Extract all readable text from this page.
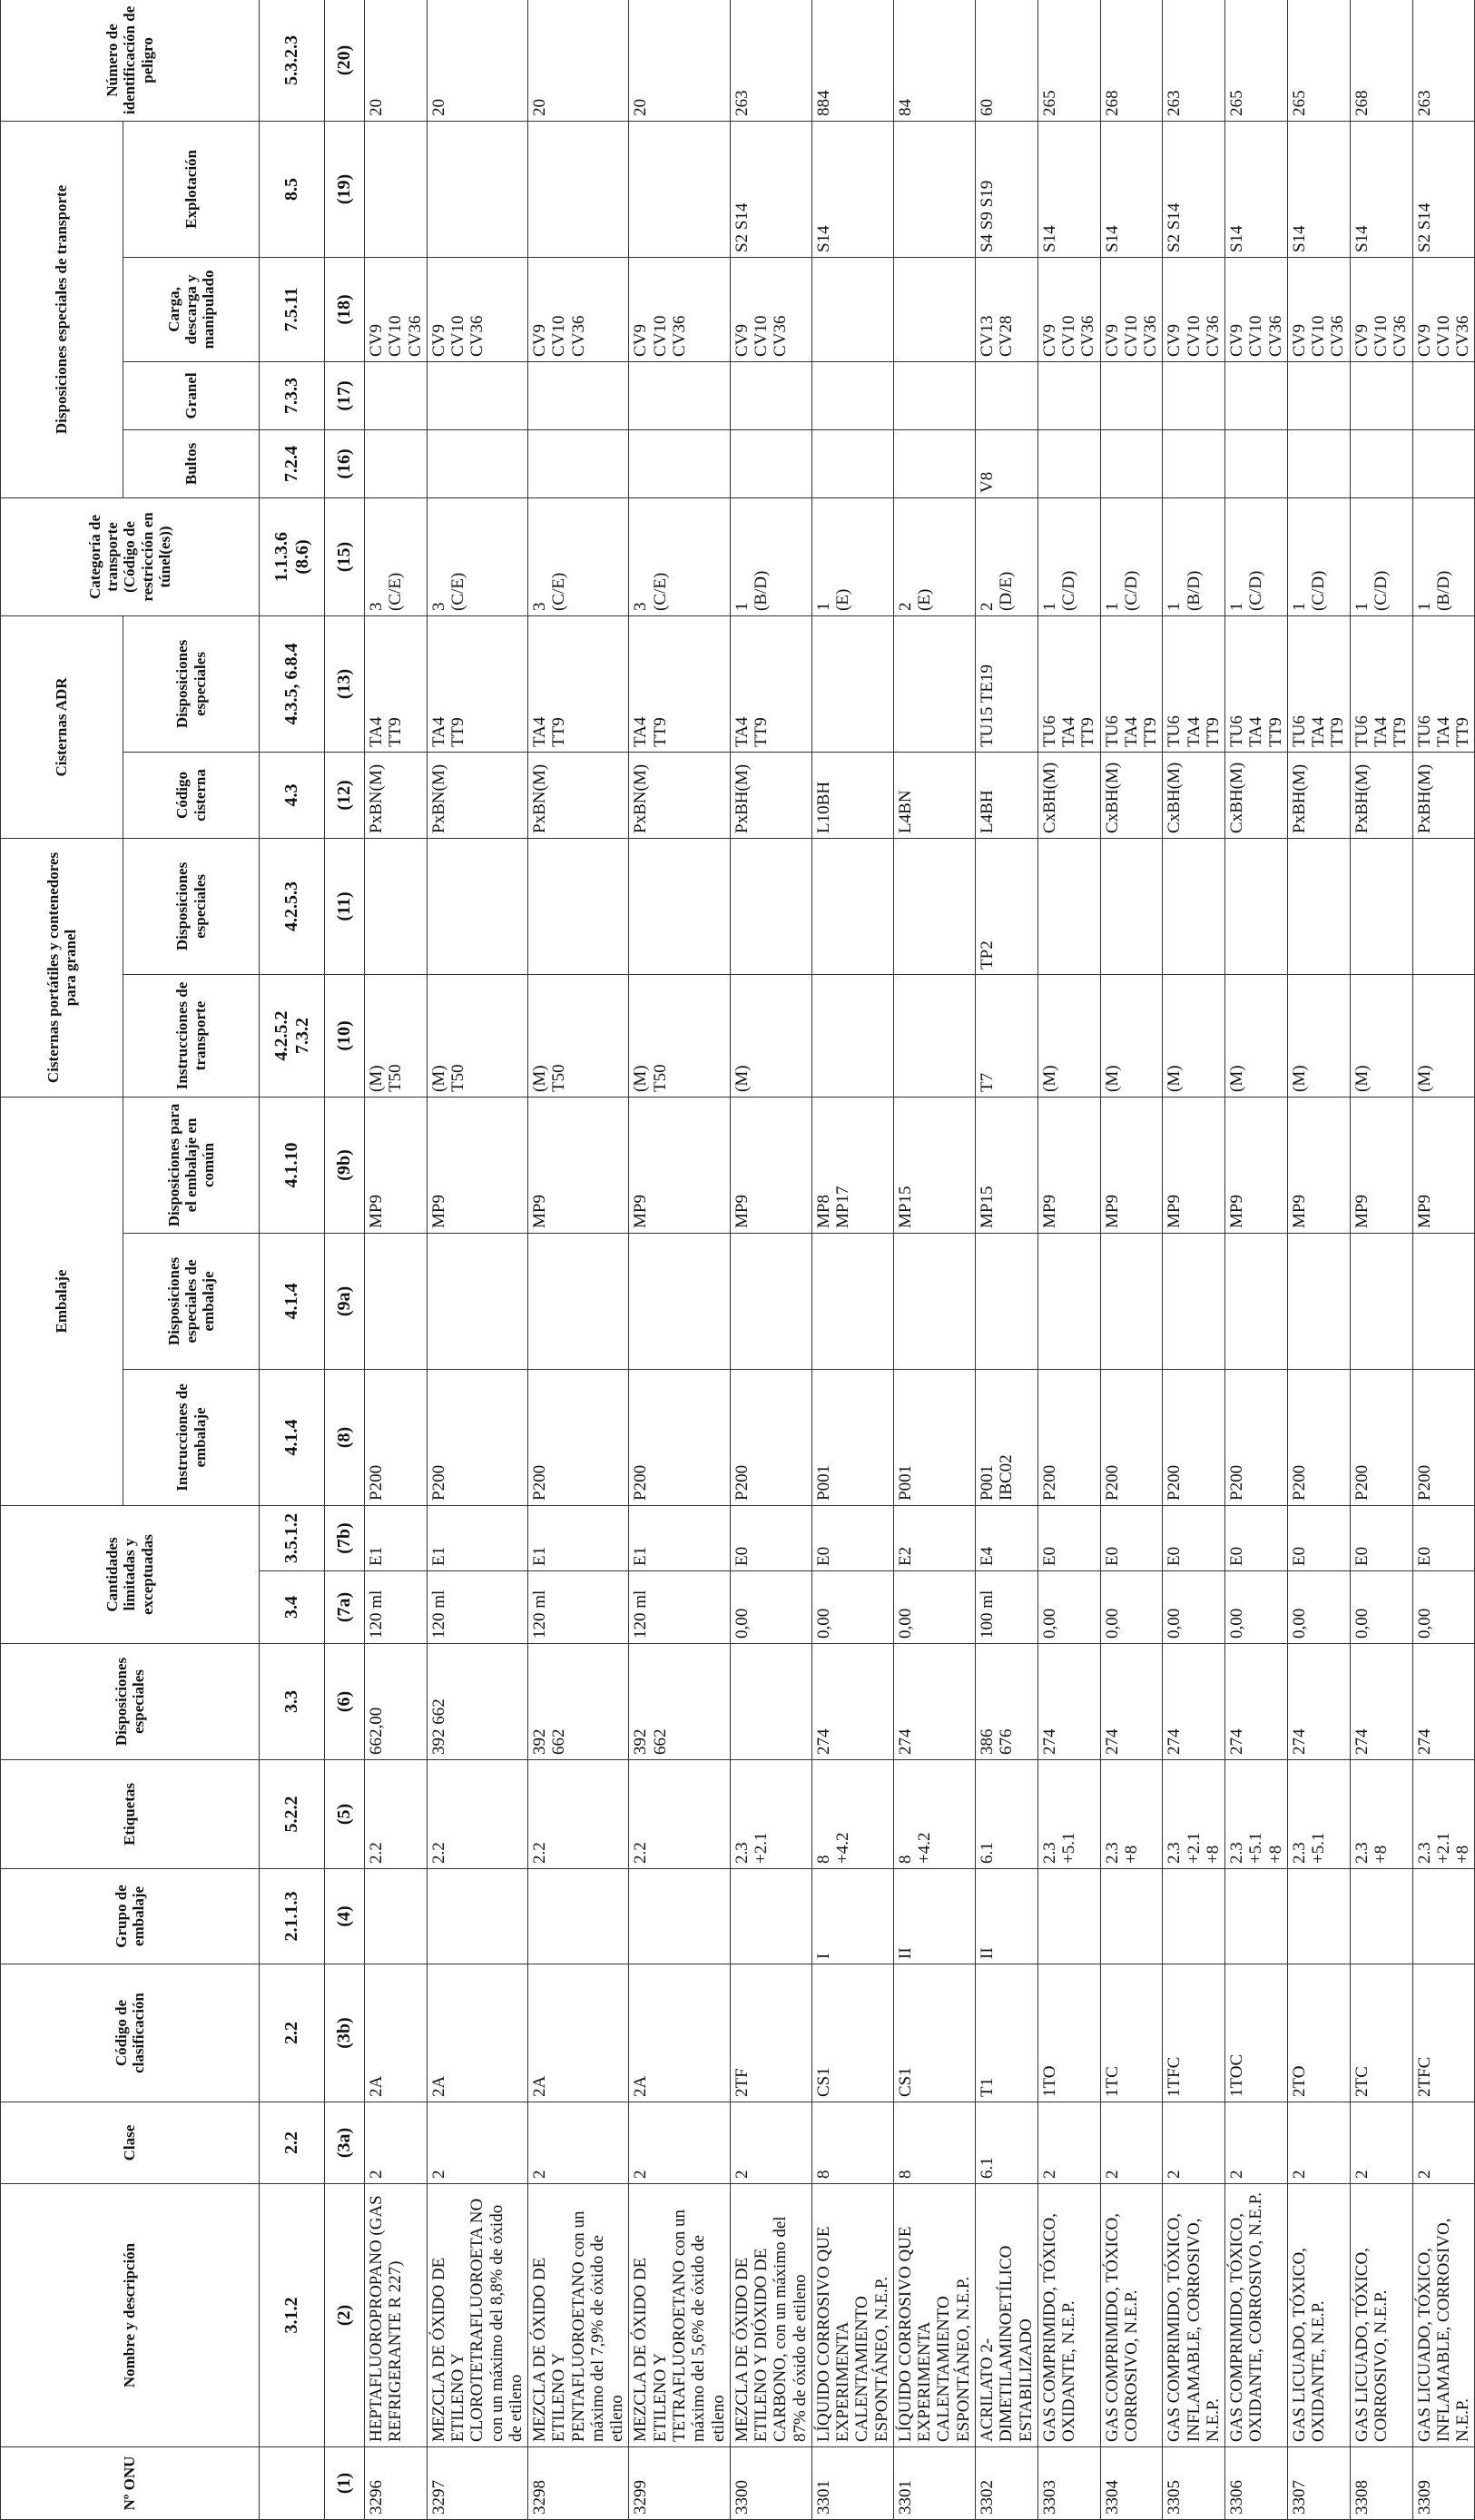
Nº ONU	Nombre y descripción	Clase	Código de clasificación	Grupo de embalaje	Etiquetas	Disposiciones especiales	Cantidades limitadas y exceptuadas		Embalaje			Cisternas portátiles y contenedores para granel		Cisternas ADR		Categoría de transporte (Código de restricción en túnel(es))	Disposiciones especiales de transporte				Número de identificación de peligro
									Instrucciones de embalaje	Disposiciones especiales de embalaje	Disposiciones para el embalaje en común	Instrucciones de transporte	Disposiciones especiales	Código cisterna	Disposiciones especiales		Bultos	Granel	Carga, descarga y manipulado	Explotación	
	3.1.2	2.2	2.2	2.1.1.3	5.2.2	3.3	3.4	3.5.1.2	4.1.4	4.1.4	4.1.10	4.2.5.2
7.3.2	4.2.5.3	4.3	4.3.5, 6.8.4	1.1.3.6
(8.6)	7.2.4	7.3.3	7.5.11	8.5	5.3.2.3
(1)	(2)	(3a)	(3b)	(4)	(5)	(6)	(7a)	(7b)	(8)	(9a)	(9b)	(10)	(11)	(12)	(13)	(15)	(16)	(17)	(18)	(19)	(20)
3296	HEPTAFLUOROPROPANO (GAS REFRIGERANTE R 227)	2	2A		2.2	662,00	120 ml	E1	P200		MP9	(M)
T50		PxBN(M)	TA4
TT9	3
(C/E)			CV9
CV10
CV36		20
3297	MEZCLA DE ÓXIDO DE ETILENO Y CLOROTETRAFLUOROETA NO con un máximo del 8,8% de óxido de etileno	2	2A		2.2	392 662	120 ml	E1	P200		MP9	(M)
T50		PxBN(M)	TA4
TT9	3
(C/E)			CV9
CV10
CV36		20
3298	MEZCLA DE ÓXIDO DE ETILENO Y PENTAFLUOROETANO con un máximo del 7,9% de óxido de etileno	2	2A		2.2	392
662	120 ml	E1	P200		MP9	(M)
T50		PxBN(M)	TA4
TT9	3
(C/E)			CV9
CV10
CV36		20
3299	MEZCLA DE ÓXIDO DE ETILENO Y TETRAFLUOROETANO con un máximo del 5,6% de óxido de etileno	2	2A		2.2	392
662	120 ml	E1	P200		MP9	(M)
T50		PxBN(M)	TA4
TT9	3
(C/E)			CV9
CV10
CV36		20
3300	MEZCLA DE ÓXIDO DE ETILENO Y DIÓXIDO DE CARBONO, con un máximo del 87% de óxido de etileno	2	2TF		2.3
+2.1		0,00	E0	P200		MP9	(M)		PxBH(M)	TA4
TT9	1
(B/D)			CV9
CV10
CV36	S2 S14	263
3301	LÍQUIDO CORROSIVO QUE EXPERIMENTA CALENTAMIENTO ESPONTÁNEO, N.E.P.	8	CS1	I	8
+4.2	274	0,00	E0	P001		MP8
MP17			L10BH		1
(E)				S14	884
3301	LÍQUIDO CORROSIVO QUE EXPERIMENTA CALENTAMIENTO ESPONTÁNEO, N.E.P.	8	CS1	II	8
+4.2	274	0,00	E2	P001		MP15			L4BN		2
(E)					84
3302	ACRILATO 2-DIMETILAMINOETÍLICO ESTABILIZADO	6.1	T1	II	6.1	386
676	100 ml	E4	P001
IBC02		MP15	T7	TP2	L4BH	TU15 TE19	2
(D/E)	V8		CV13
CV28	S4 S9 S19	60
3303	GAS COMPRIMIDO, TÓXICO, OXIDANTE, N.E.P.	2	1TO		2.3
+5.1	274	0,00	E0	P200		MP9	(M)		CxBH(M)	TU6
TA4
TT9	1
(C/D)			CV9
CV10
CV36	S14	265
3304	GAS COMPRIMIDO, TÓXICO, CORROSIVO, N.E.P.	2	1TC		2.3
+8	274	0,00	E0	P200		MP9	(M)		CxBH(M)	TU6
TA4
TT9	1
(C/D)			CV9
CV10
CV36	S14	268
3305	GAS COMPRIMIDO, TÓXICO, INFLAMABLE, CORROSIVO, N.E.P.	2	1TFC		2.3
+2.1
+8	274	0,00	E0	P200		MP9	(M)		CxBH(M)	TU6
TA4
TT9	1
(B/D)			CV9
CV10
CV36	S2 S14	263
3306	GAS COMPRIMIDO, TÓXICO, OXIDANTE, CORROSIVO, N.E.P.	2	1TOC		2.3
+5.1
+8	274	0,00	E0	P200		MP9	(M)		CxBH(M)	TU6
TA4
TT9	1
(C/D)			CV9
CV10
CV36	S14	265
3307	GAS LICUADO, TÓXICO, OXIDANTE, N.E.P.	2	2TO		2.3
+5.1	274	0,00	E0	P200		MP9	(M)		PxBH(M)	TU6
TA4
TT9	1
(C/D)			CV9
CV10
CV36	S14	265
3308	GAS LICUADO, TÓXICO, CORROSIVO, N.E.P.	2	2TC		2.3
+8	274	0,00	E0	P200		MP9	(M)		PxBH(M)	TU6
TA4
TT9	1
(C/D)			CV9
CV10
CV36	S14	268
3309	GAS LICUADO, TÓXICO, INFLAMABLE, CORROSIVO, N.E.P.	2	2TFC		2.3
+2.1
+8	274	0,00	E0	P200		MP9	(M)		PxBH(M)	TU6
TA4
TT9	1
(B/D)			CV9
CV10
CV36	S2 S14	263
